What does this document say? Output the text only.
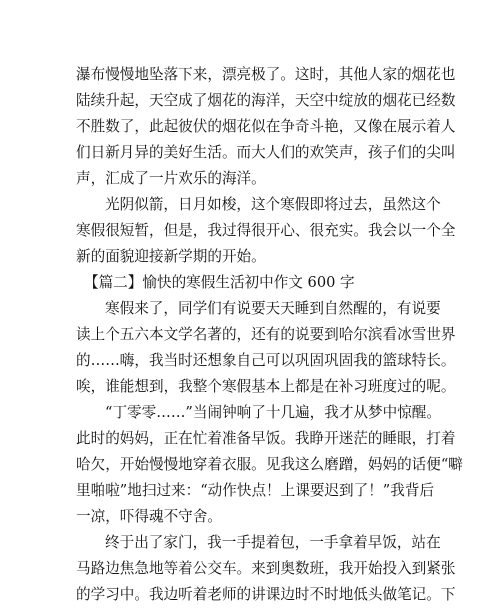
瀑布慢慢地坠落下来，漂亮极了。这时，其他人家的烟花也
陆续升起，天空成了烟花的海洋，天空中绽放的烟花已经数
不胜数了，此起彼伏的烟花似在争奇斗艳，又像在展示着人
们日新月异的美好生活。而大人们的欢笑声，孩子们的尖叫
声，汇成了一片欢乐的海洋。
光阴似箭，日月如梭，这个寒假即将过去，虽然这个
寒假很短暂，但是，我过得很开心、很充实。我会以一个全
新的面貌迎接新学期的开始。
【篇二】愉快的寒假生活初中作文 600 字
寒假来了，同学们有说要天天睡到自然醒的，有说要
读上个五六本文学名著的，还有的说要到哈尔滨看冰雪世界
的……嗨，我当时还想象自己可以巩固巩固我的篮球特长。
唉，谁能想到，我整个寒假基本上都是在补习班度过的呢。
“丁零零……”当闹钟响了十几遍，我才从梦中惊醒。
此时的妈妈，正在忙着准备早饭。我睁开迷茫的睡眼，打着
哈欠，开始慢慢地穿着衣服。见我这么磨蹭，妈妈的话便“噼
里啪啦”地扫过来：“动作快点！上课要迟到了！”我背后
一凉，吓得魂不守舍。
终于出了家门，我一手提着包，一手拿着早饭，站在
马路边焦急地等着公交车。来到奥数班，我开始投入到紧张
的学习中。我边听着老师的讲课边时不时地低头做笔记。下
